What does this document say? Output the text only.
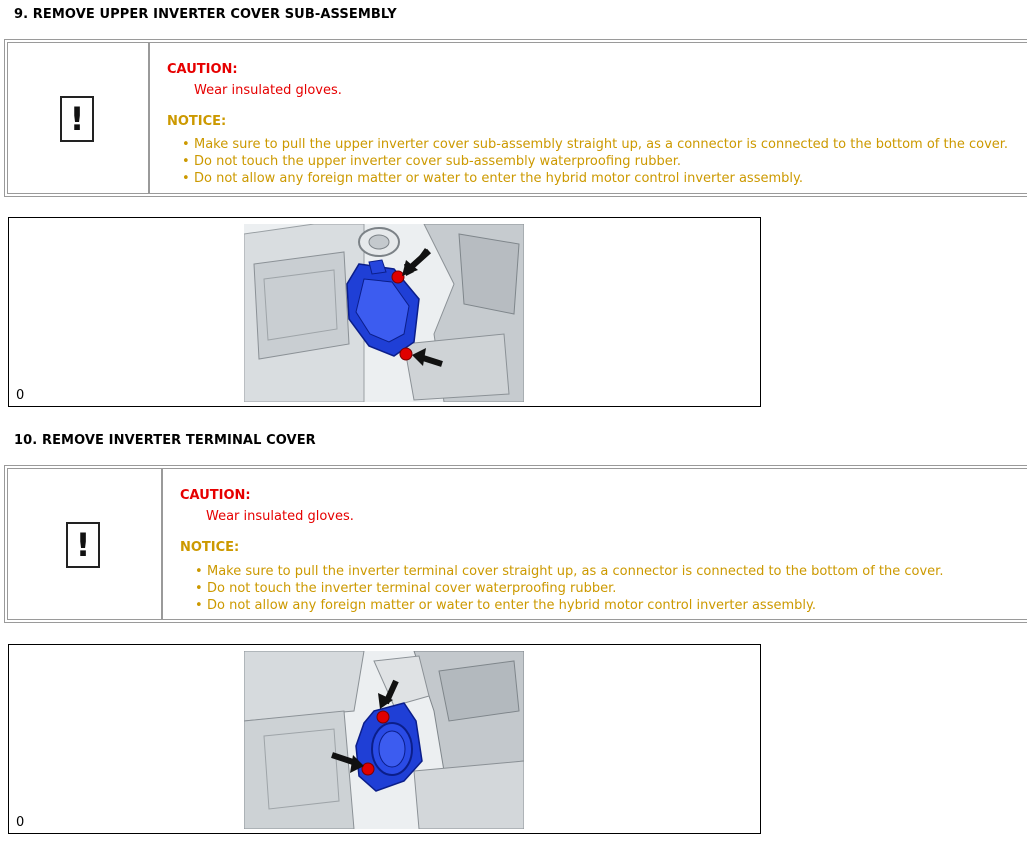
9. REMOVE UPPER INVERTER COVER SUB-ASSEMBLY
!
CAUTION:
Wear insulated gloves.
NOTICE:
• Make sure to pull the upper inverter cover sub-assembly straight up, as a connector is connected to the bottom of the cover.
• Do not touch the upper inverter cover sub-assembly waterproofing rubber.
• Do not allow any foreign matter or water to enter the hybrid motor control inverter assembly.
0
10. REMOVE INVERTER TERMINAL COVER
!
CAUTION:
Wear insulated gloves.
NOTICE:
• Make sure to pull the inverter terminal cover straight up, as a connector is connected to the bottom of the cover.
• Do not touch the inverter terminal cover waterproofing rubber.
• Do not allow any foreign matter or water to enter the hybrid motor control inverter assembly.
0
